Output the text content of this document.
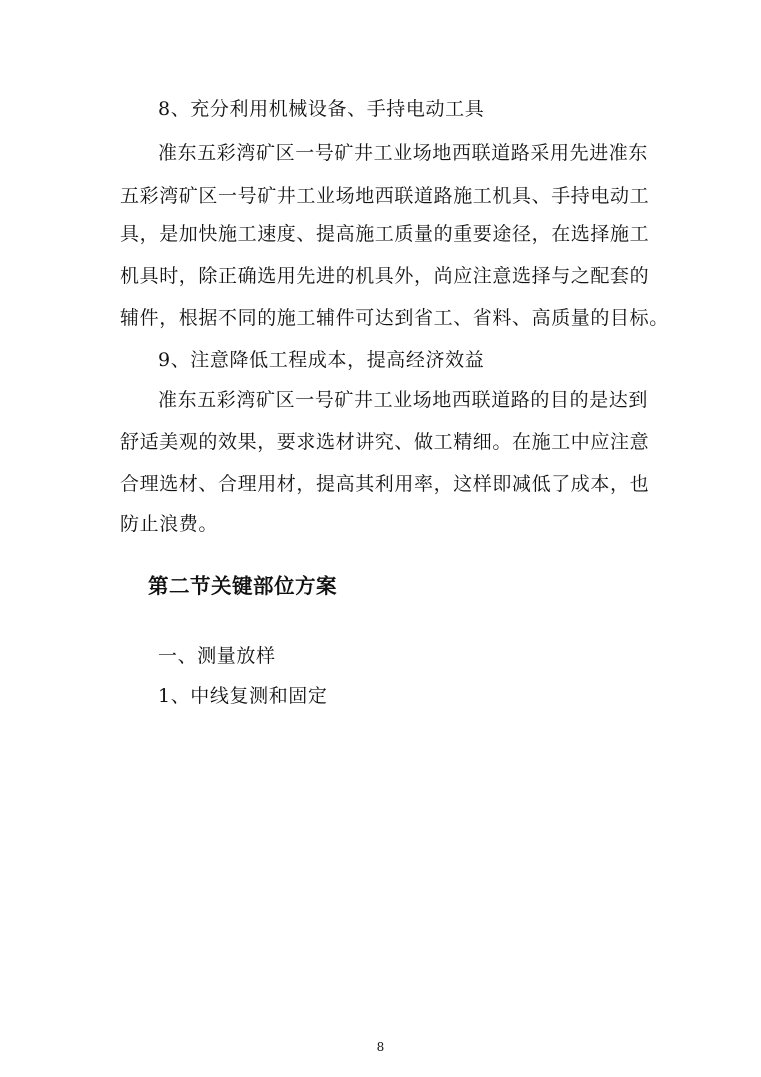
8、充分利用机械设备、手持电动工具
准东五彩湾矿区一号矿井工业场地西联道路采用先进准东
五彩湾矿区一号矿井工业场地西联道路施工机具、手持电动工
具，是加快施工速度、提高施工质量的重要途径，在选择施工
机具时，除正确选用先进的机具外，尚应注意选择与之配套的
辅件，根据不同的施工辅件可达到省工、省料、高质量的目标。
9、注意降低工程成本，提高经济效益
准东五彩湾矿区一号矿井工业场地西联道路的目的是达到
舒适美观的效果，要求选材讲究、做工精细。在施工中应注意
合理选材、合理用材，提高其利用率，这样即减低了成本，也
防止浪费。
第二节关键部位方案
一、测量放样
1、中线复测和固定
8
